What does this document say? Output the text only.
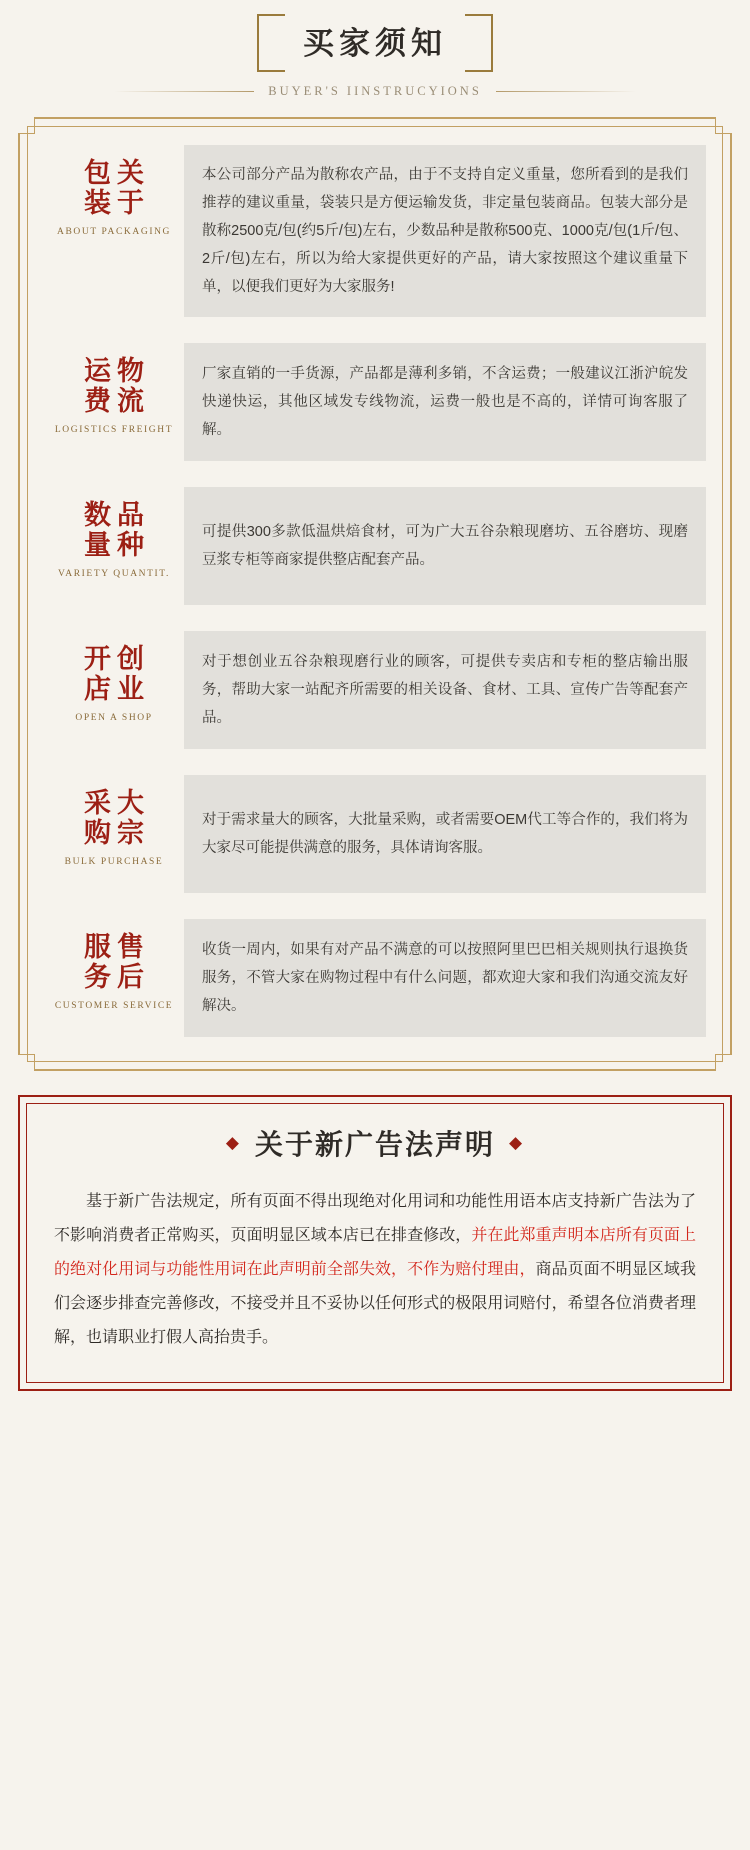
买家须知
BUYER'S IINSTRUCYIONS
包
装
关
于
ABOUT PACKAGING

本公司部分产品为散称农产品，由于不支持自定义重量，您所看到的是我们推荐的建议重量，袋装只是方便运输发货，非定量包装商品。包装大部分是散称2500克/包(约5斤/包)左右，少数品种是散称500克、1000克/包(1斤/包、2斤/包)左右，所以为给大家提供更好的产品，请大家按照这个建议重量下单，以便我们更好为大家服务!

运
费
物
流
LOGISTICS FREIGHT

厂家直销的一手货源，产品都是薄利多销，不含运费；一般建议江浙沪皖发快递快运，其他区域发专线物流，运费一般也是不高的，详情可询客服了解。

数
量
品
种
VARIETY QUANTIT.

可提供300多款低温烘焙食材，可为广大五谷杂粮现磨坊、五谷磨坊、现磨豆浆专柜等商家提供整店配套产品。

开
店
创
业
OPEN A SHOP

对于想创业五谷杂粮现磨行业的顾客，可提供专卖店和专柜的整店输出服务，帮助大家一站配齐所需要的相关设备、食材、工具、宣传广告等配套产品。

采
购
大
宗
BULK PURCHASE

对于需求量大的顾客，大批量采购，或者需要OEM代工等合作的，我们将为大家尽可能提供满意的服务，具体请询客服。

服
务
售
后
CUSTOMER SERVICE

收货一周内，如果有对产品不满意的可以按照阿里巴巴相关规则执行退换货服务，不管大家在购物过程中有什么问题，都欢迎大家和我们沟通交流友好解决。

◆ 关于新广告法声明 ◆
基于新广告法规定，所有页面不得出现绝对化用词和功能性用语本店支持新广告法为了不影响消费者正常购买，页面明显区域本店已在排查修改，并在此郑重声明本店所有页面上的绝对化用词与功能性用词在此声明前全部失效，不作为赔付理由，商品页面不明显区域我们会逐步排查完善修改，不接受并且不妥协以任何形式的极限用词赔付，希望各位消费者理解，也请职业打假人高抬贵手。
